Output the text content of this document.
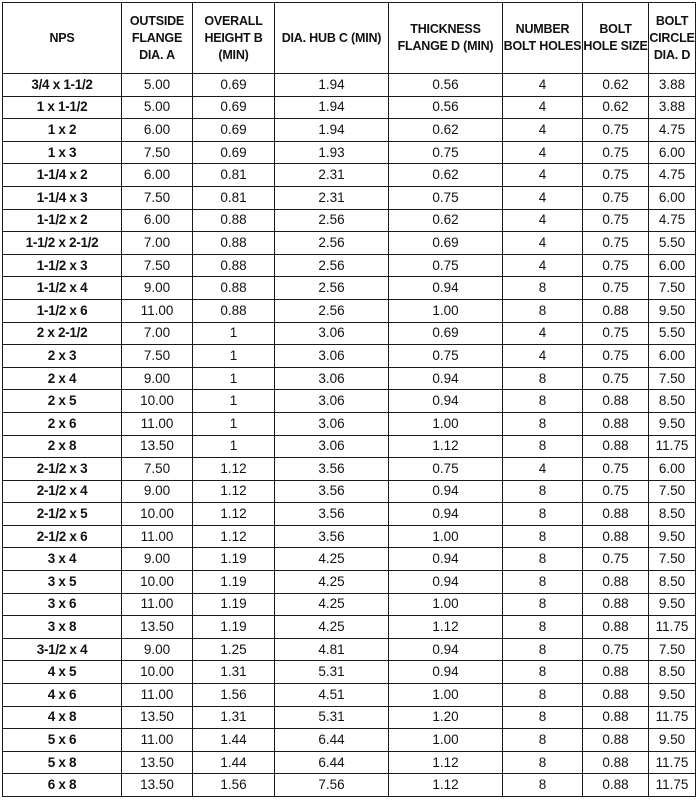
NPS	OUTSIDE FLANGE DIA. A	OVERALL HEIGHT B (MIN)	DIA. HUB C (MIN)	THICKNESS FLANGE D (MIN)	NUMBER BOLT HOLES	BOLT HOLE SIZE	BOLT CIRCLE DIA. D
3/4 x 1-1/2	5.00	0.69	1.94	0.56	4	0.62	3.88
1 x 1-1/2	5.00	0.69	1.94	0.56	4	0.62	3.88
1 x 2	6.00	0.69	1.94	0.62	4	0.75	4.75
1 x 3	7.50	0.69	1.93	0.75	4	0.75	6.00
1-1/4 x 2	6.00	0.81	2.31	0.62	4	0.75	4.75
1-1/4 x 3	7.50	0.81	2.31	0.75	4	0.75	6.00
1-1/2 x 2	6.00	0.88	2.56	0.62	4	0.75	4.75
1-1/2 x 2-1/2	7.00	0.88	2.56	0.69	4	0.75	5.50
1-1/2 x 3	7.50	0.88	2.56	0.75	4	0.75	6.00
1-1/2 x 4	9.00	0.88	2.56	0.94	8	0.75	7.50
1-1/2 x 6	11.00	0.88	2.56	1.00	8	0.88	9.50
2 x 2-1/2	7.00	1	3.06	0.69	4	0.75	5.50
2 x 3	7.50	1	3.06	0.75	4	0.75	6.00
2 x 4	9.00	1	3.06	0.94	8	0.75	7.50
2 x 5	10.00	1	3.06	0.94	8	0.88	8.50
2 x 6	11.00	1	3.06	1.00	8	0.88	9.50
2 x 8	13.50	1	3.06	1.12	8	0.88	11.75
2-1/2 x 3	7.50	1.12	3.56	0.75	4	0.75	6.00
2-1/2 x 4	9.00	1.12	3.56	0.94	8	0.75	7.50
2-1/2 x 5	10.00	1.12	3.56	0.94	8	0.88	8.50
2-1/2 x 6	11.00	1.12	3.56	1.00	8	0.88	9.50
3 x 4	9.00	1.19	4.25	0.94	8	0.75	7.50
3 x 5	10.00	1.19	4.25	0.94	8	0.88	8.50
3 x 6	11.00	1.19	4.25	1.00	8	0.88	9.50
3 x 8	13.50	1.19	4.25	1.12	8	0.88	11.75
3-1/2 x 4	9.00	1.25	4.81	0.94	8	0.75	7.50
4 x 5	10.00	1.31	5.31	0.94	8	0.88	8.50
4 x 6	11.00	1.56	4.51	1.00	8	0.88	9.50
4 x 8	13.50	1.31	5.31	1.20	8	0.88	11.75
5 x 6	11.00	1.44	6.44	1.00	8	0.88	9.50
5 x 8	13.50	1.44	6.44	1.12	8	0.88	11.75
6 x 8	13.50	1.56	7.56	1.12	8	0.88	11.75
